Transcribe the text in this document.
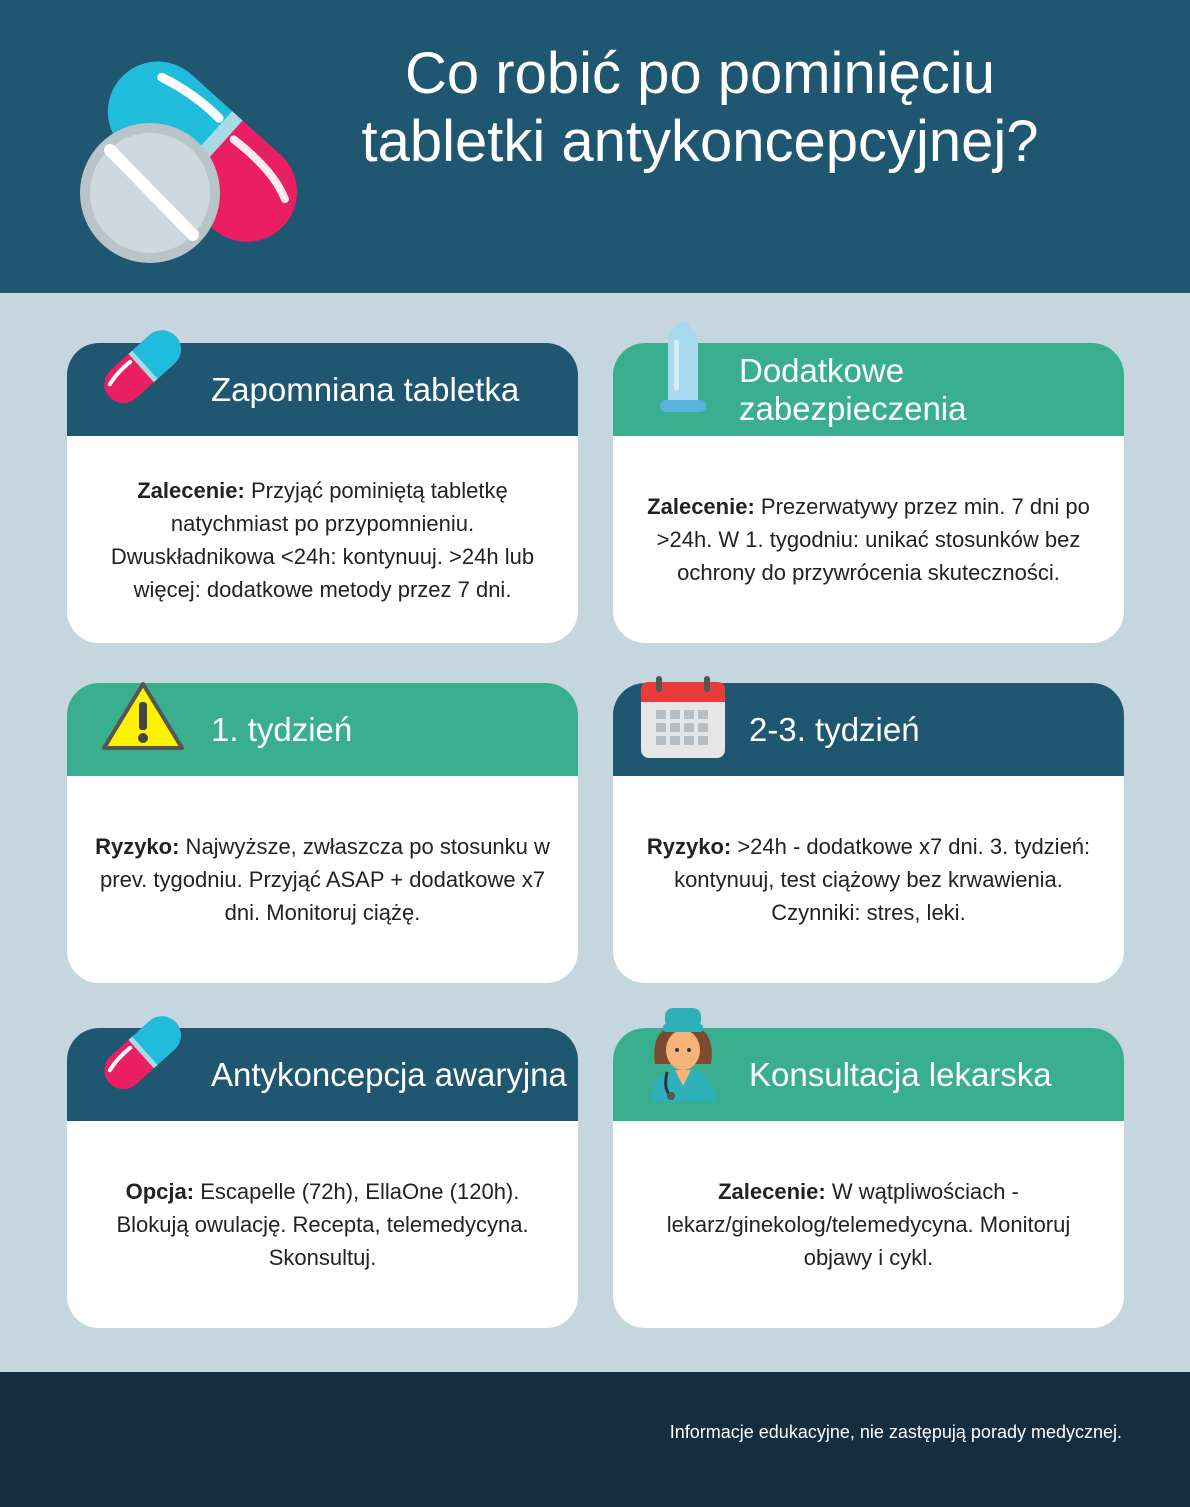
Co robić po pominięciu tabletki antykoncepcyjnej?
Zapomniana tabletka

Zalecenie: Przyjąć pominiętą tabletkę natychmiast po przypomnieniu. Dwuskładnikowa <24h: kontynuuj. >24h lub więcej: dodatkowe metody przez 7 dni.

Dodatkowe zabezpieczenia

Zalecenie: Prezerwatywy przez min. 7 dni po >24h. W 1. tygodniu: unikać stosunków bez ochrony do przywrócenia skuteczności.

1. tydzień

Ryzyko: Najwyższe, zwłaszcza po stosunku w prev. tygodniu. Przyjąć ASAP + dodatkowe x7 dni. Monitoruj ciążę.

2-3. tydzień

Ryzyko: >24h - dodatkowe x7 dni. 3. tydzień: kontynuuj, test ciążowy bez krwawienia. Czynniki: stres, leki.

Antykoncepcja awaryjna

Opcja: Escapelle (72h), EllaOne (120h). Blokują owulację. Recepta, telemedycyna. Skonsultuj.

Konsultacja lekarska

Zalecenie: W wątpliwościach - lekarz/ginekolog/telemedycyna. Monitoruj objawy i cykl.

Informacje edukacyjne, nie zastępują porady medycznej.
